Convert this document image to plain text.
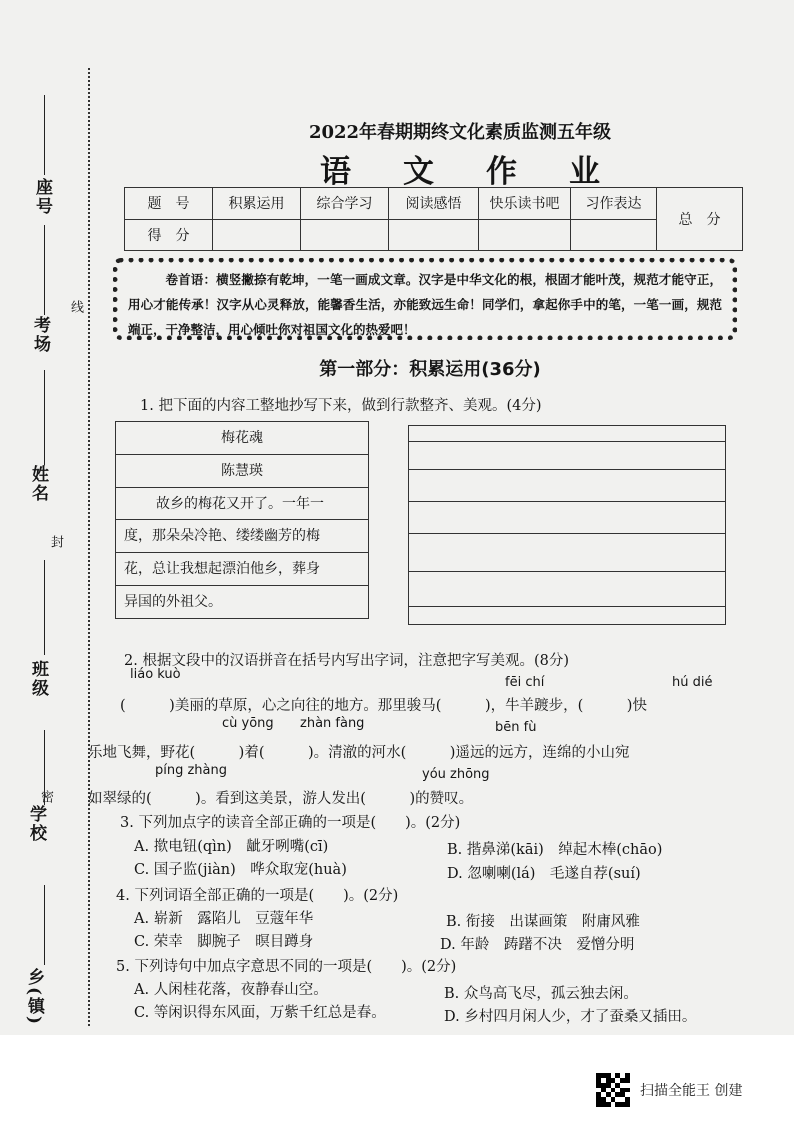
座号
考场
线
姓名
封
班级
密
学校
乡(镇)
2022年春期期终文化素质监测五年级
语 文 作 业
题　号	积累运用	综合学习	阅读感悟	快乐读书吧	习作表达	总　分
得　分						
卷首语：横竖撇捺有乾坤，一笔一画成文章。汉字是中华文化的根，根固才能叶茂，规范才能守正，用心才能传承！汉字从心灵释放，能馨香生活，亦能致远生命！同学们，拿起你手中的笔，一笔一画，规范端正，干净整洁，用心倾吐你对祖国文化的热爱吧！
第一部分：积累运用(36分)
1. 把下面的内容工整地抄写下来，做到行款整齐、美观。(4分)
梅花魂
陈慧瑛
故乡的梅花又开了。一年一
度，那朵朵冷艳、缕缕幽芳的梅
花，总让我想起漂泊他乡，葬身
异国的外祖父。
2. 根据文段中的汉语拼音在括号内写出字词，注意把字写美观。(8分)
liáo kuò
fēi chí	hú dié
(　　　)美丽的草原，心之向往的地方。那里骏马(　　　)，牛羊踱步，(　　　)快
cù yōng zhàn fàng	bēn fù
乐地飞舞，野花(　　　)着(　　　)。清澈的河水(　　　)遥远的远方，连绵的小山宛
píng zhàng	yóu zhōng
如翠绿的(　　　)。看到这美景，游人发出(　　　)的赞叹。
3. 下列加点字的读音全部正确的一项是(　　)。(2分)
A. 揿电钮(qìn)　龇牙咧嘴(cī)	B. 揩鼻涕(kāi)　绰起木棒(chāo)
C. 国子监(jiàn)　哗众取宠(huà)	D. 忽喇喇(lá)　毛遂自荐(suí)
4. 下列词语全部正确的一项是(　　)。(2分)
A. 崭新　露陷儿　豆蔻年华	B. 衔接　出谋画策　附庸风雅
C. 荣幸　脚腕子　暝目蹲身	D. 年龄　踌躇不决　爱憎分明
5. 下列诗句中加点字意思不同的一项是(　　)。(2分)
A. 人闲桂花落，夜静春山空。	B. 众鸟高飞尽，孤云独去闲。
C. 等闲识得东风面，万紫千红总是春。	D. 乡村四月闲人少，才了蚕桑又插田。
扫描全能王 创建
